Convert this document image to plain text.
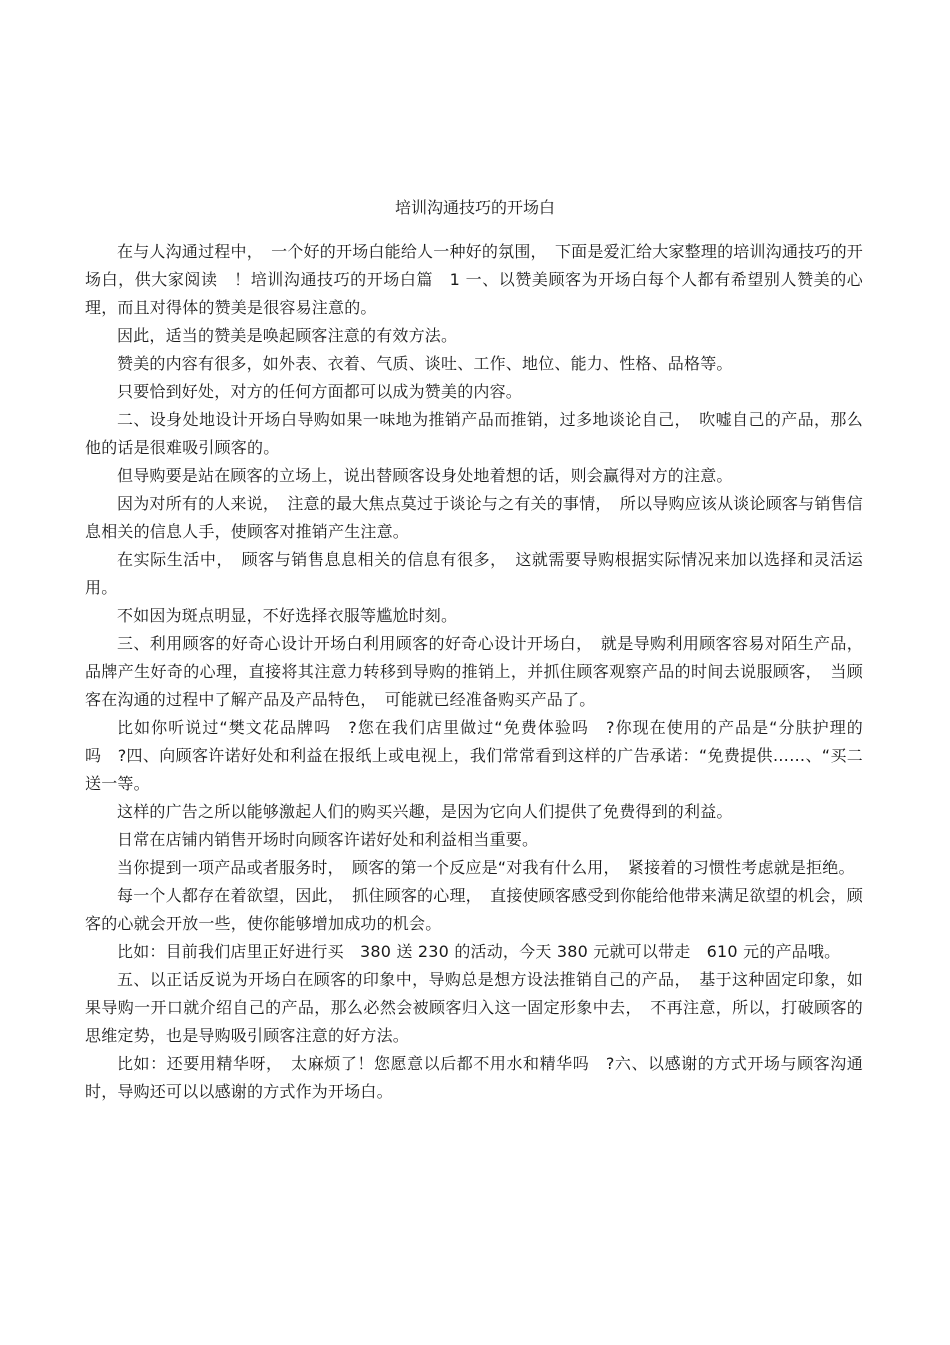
培训沟通技巧的开场白

在与人沟通过程中，　一个好的开场白能给人一种好的氛围，　下面是爱汇给大家整理的培训沟通技巧的开场白，供大家阅读　！培训沟通技巧的开场白篇　1 一、以赞美顾客为开场白每个人都有希望别人赞美的心理，而且对得体的赞美是很容易注意的。

因此，适当的赞美是唤起顾客注意的有效方法。

赞美的内容有很多，如外表、衣着、气质、谈吐、工作、地位、能力、性格、品格等。

只要恰到好处，对方的任何方面都可以成为赞美的内容。

二、设身处地设计开场白导购如果一味地为推销产品而推销，过多地谈论自己，　吹嘘自己的产品，那么他的话是很难吸引顾客的。

但导购要是站在顾客的立场上，说出替顾客设身处地着想的话，则会赢得对方的注意。

因为对所有的人来说，　注意的最大焦点莫过于谈论与之有关的事情，　所以导购应该从谈论顾客与销售信息相关的信息人手，使顾客对推销产生注意。

在实际生活中，　顾客与销售息息相关的信息有很多，　这就需要导购根据实际情况来加以选择和灵活运用。

不如因为斑点明显，不好选择衣服等尴尬时刻。

三、利用顾客的好奇心设计开场白利用顾客的好奇心设计开场白，　就是导购利用顾客容易对陌生产品，品牌产生好奇的心理，直接将其注意力转移到导购的推销上，并抓住顾客观察产品的时间去说服顾客，　当顾客在沟通的过程中了解产品及产品特色，　可能就已经准备购买产品了。

比如你听说过“樊文花品牌吗　?您在我们店里做过“免费体验吗　?你现在使用的产品是“分肤护理的吗　?四、向顾客许诺好处和利益在报纸上或电视上，我们常常看到这样的广告承诺：“免费提供……、“买二送一等。

这样的广告之所以能够激起人们的购买兴趣，是因为它向人们提供了免费得到的利益。

日常在店铺内销售开场时向顾客许诺好处和利益相当重要。

当你提到一项产品或者服务时，　顾客的第一个反应是“对我有什么用，　紧接着的习惯性考虑就是拒绝。

每一个人都存在着欲望，因此，　抓住顾客的心理，　直接使顾客感受到你能给他带来满足欲望的机会，顾客的心就会开放一些，使你能够增加成功的机会。

比如：目前我们店里正好进行买　380 送 230 的活动，今天 380 元就可以带走　610 元的产品哦。

五、以正话反说为开场白在顾客的印象中，导购总是想方设法推销自己的产品，　基于这种固定印象，如果导购一开口就介绍自己的产品，那么必然会被顾客归入这一固定形象中去，　不再注意，所以，打破顾客的思维定势，也是导购吸引顾客注意的好方法。

比如：还要用精华呀，　太麻烦了！您愿意以后都不用水和精华吗　?六、以感谢的方式开场与顾客沟通时，导购还可以以感谢的方式作为开场白。
